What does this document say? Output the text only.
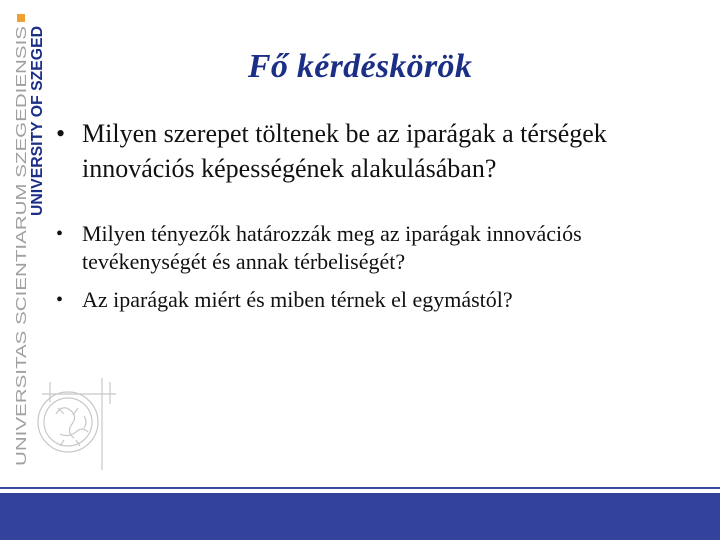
UNIVERSITAS SCIENTIARUM SZEGEDIENSIS
UNIVERSITY OF SZEGED	Fő kérdéskörök
• Milyen szerepet töltenek be az iparágak a térségek innovációs képességének alakulásában?
• Milyen tényezők határozzák meg az iparágak innovációs tevékenységét és annak térbeliségét?
• Az iparágak miért és miben térnek el egymástól?
